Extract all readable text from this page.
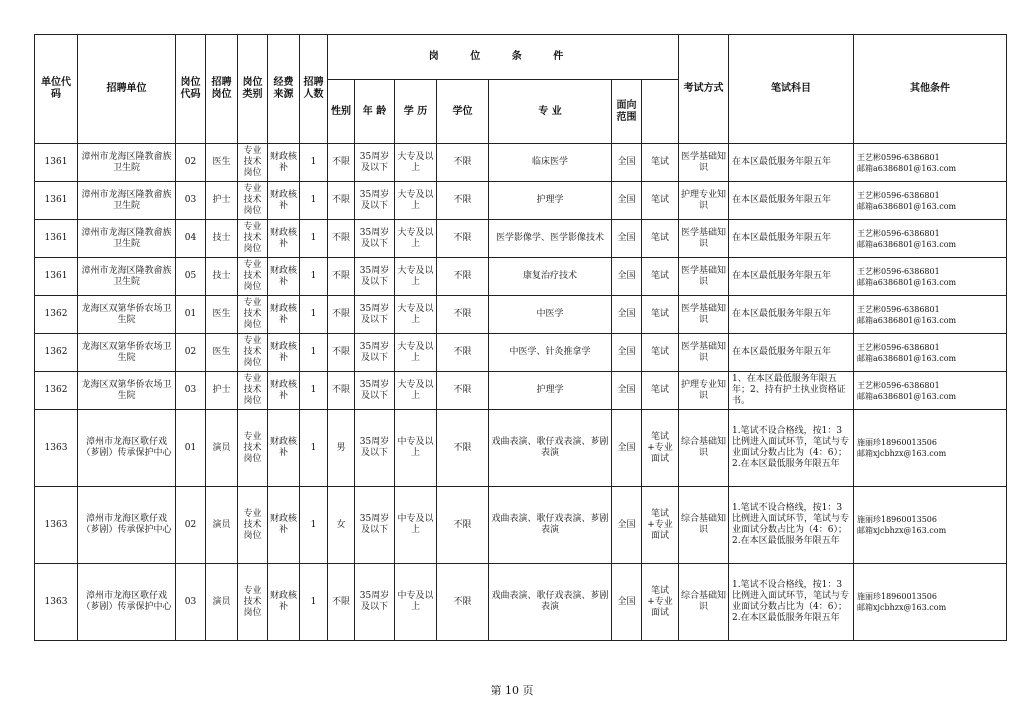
单位代码	招聘单位	岗位代码	招聘岗位	岗位类别	经费来源	招聘人数	岗 位 条 件							考试方式	笔试科目	其他条件	
							性别	年 龄	学 历	学位	专 业	面向范围					
1361	漳州市龙海区隆教畲族卫生院	02	医生	专业技术岗位	财政核补	1	不限	35周岁及以下	大专及以上	不限	临床医学	全国	笔试	医学基础知识	在本区最低服务年限五年	王艺彬0596-6386801
邮箱a6386801@163.com	

1361	漳州市龙海区隆教畲族卫生院	03	护士	专业技术岗位	财政核补	1	不限	35周岁及以下	大专及以上	不限	护理学	全国	笔试	护理专业知识	在本区最低服务年限五年	王艺彬0596-6386801
邮箱a6386801@163.com	

1361	漳州市龙海区隆教畲族卫生院	04	技士	专业技术岗位	财政核补	1	不限	35周岁及以下	大专及以上	不限	医学影像学、医学影像技术	全国	笔试	医学基础知识	在本区最低服务年限五年	王艺彬0596-6386801
邮箱a6386801@163.com	

1361	漳州市龙海区隆教畲族卫生院	05	技士	专业技术岗位	财政核补	1	不限	35周岁及以下	大专及以上	不限	康复治疗技术	全国	笔试	医学基础知识	在本区最低服务年限五年	王艺彬0596-6386801
邮箱a6386801@163.com	

1362	龙海区双第华侨农场卫生院	01	医生	专业技术岗位	财政核补	1	不限	35周岁及以下	大专及以上	不限	中医学	全国	笔试	医学基础知识	在本区最低服务年限五年	王艺彬0596-6386801
邮箱a6386801@163.com	

1362	龙海区双第华侨农场卫生院	02	医生	专业技术岗位	财政核补	1	不限	35周岁及以下	大专及以上	不限	中医学、针灸推拿学	全国	笔试	医学基础知识	在本区最低服务年限五年	王艺彬0596-6386801
邮箱a6386801@163.com	

1362	龙海区双第华侨农场卫生院	03	护士	专业技术岗位	财政核补	1	不限	35周岁及以下	大专及以上	不限	护理学	全国	笔试	护理专业知识	1、在本区最低服务年限五年；2、持有护士执业资格证书。	王艺彬0596-6386801
邮箱a6386801@163.com	

1363	漳州市龙海区歌仔戏（芗剧）传承保护中心	01	演员	专业技术岗位	财政核补	1	男	35周岁及以下	中专及以上	不限	戏曲表演、歌仔戏表演、芗剧表演	全国	笔试+专业面试	综合基础知识	1.笔试不设合格线，按1：3比例进入面试环节，笔试与专业面试分数占比为（4：6）；2.在本区最低服务年限五年	施丽珍18960013506
邮箱xjcbhzx@163.com	

1363	漳州市龙海区歌仔戏（芗剧）传承保护中心	02	演员	专业技术岗位	财政核补	1	女	35周岁及以下	中专及以上	不限	戏曲表演、歌仔戏表演、芗剧表演	全国	笔试+专业面试	综合基础知识	1.笔试不设合格线，按1：3比例进入面试环节，笔试与专业面试分数占比为（4：6）；2.在本区最低服务年限五年	施丽珍18960013506
邮箱xjcbhzx@163.com	

1363	漳州市龙海区歌仔戏（芗剧）传承保护中心	03	演员	专业技术岗位	财政核补	1	不限	35周岁及以下	中专及以上	不限	戏曲表演、歌仔戏表演、芗剧表演	全国	笔试+专业面试	综合基础知识	1.笔试不设合格线，按1：3比例进入面试环节，笔试与专业面试分数占比为（4：6）；2.在本区最低服务年限五年	施丽珍18960013506
邮箱xjcbhzx@163.com	
第 10 页
